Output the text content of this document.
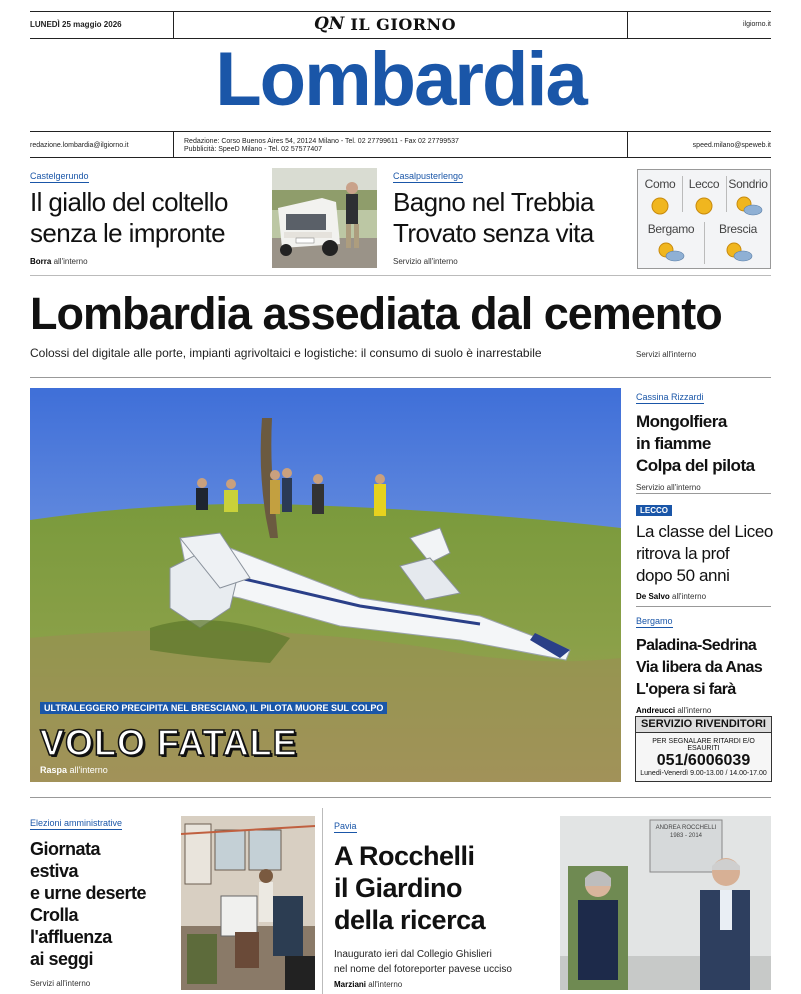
LUNEDÌ 25 maggio 2026	QN IL GIORNO	ilgiorno.it
Lombardia
redazione.lombardia@ilgiorno.it
Redazione: Corso Buenos Aires 54, 20124 Milano - Tel. 02 27799611 - Fax 02 27799537
Pubblicità: SpeeD Milano - Tel. 02 57577407
speed.milano@speweb.it
Castelgerundo
Il giallo del coltello
senza le impronte
Borra all'interno
Casalpusterlengo
Bagno nel Trebbia
Trovato senza vita
Servizio all'interno
Como	Lecco Sondrio
Bergamo	Brescia
Lombardia assediata dal cemento
Colossi del digitale alle porte, impianti agrivoltaici e logistiche: il consumo di suolo è inarrestabile	Servizi all'interno
ULTRALEGGERO PRECIPITA NEL BRESCIANO, IL PILOTA MUORE SUL COLPO
VOLO FATALE
Raspa all'interno
Cassina Rizzardi
Mongolfiera
in fiamme
Colpa del pilota
Servizio all'interno
LECCO
La classe del Liceo
ritrova la prof
dopo 50 anni
De Salvo all'interno
Bergamo
Paladina-Sedrina
Via libera da Anas
L'opera si farà
Andreucci all'interno
SERVIZIO RIVENDITORI
PER SEGNALARE RITARDI E/O ESAURITI
051/6006039
Lunedì-Venerdì 9.00-13.00 / 14.00-17.00
Elezioni amministrative
Giornata
estiva
e urne deserte
Crolla
l'affluenza
ai seggi
Servizi all'interno
Pavia
A Rocchelli
il Giardino
della ricerca
Inaugurato ieri dal Collegio Ghislieri
nel nome del fotoreporter pavese ucciso
Marziani all'interno
ANDREA ROCCHELLI
1983 - 2014
